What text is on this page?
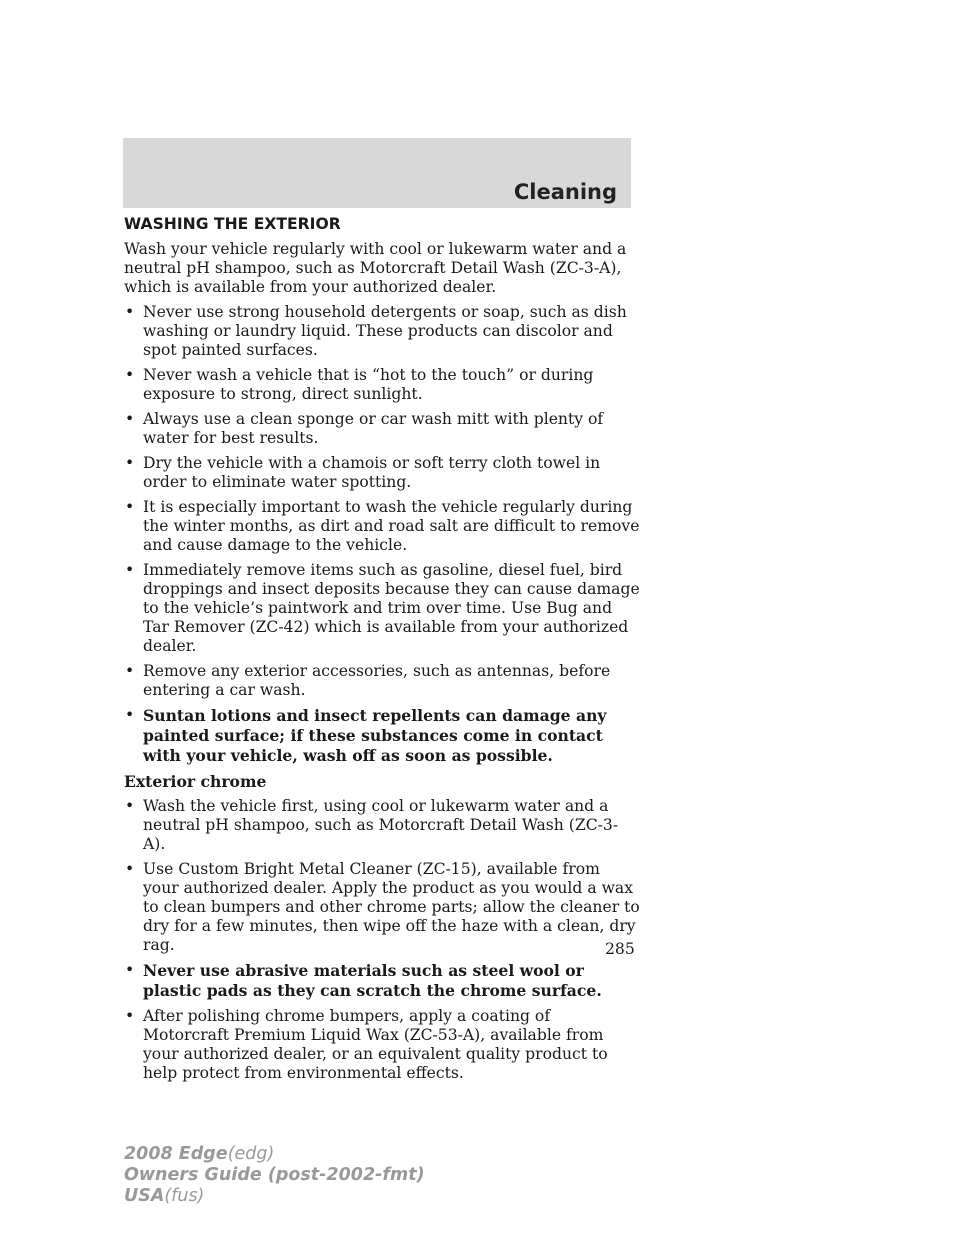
Cleaning
WASHING THE EXTERIOR

Wash your vehicle regularly with cool or lukewarm water and a neutral pH shampoo, such as Motorcraft Detail Wash (ZC-3-A), which is available from your authorized dealer.

• Never use strong household detergents or soap, such as dish washing or laundry liquid. These products can discolor and spot painted surfaces.
• Never wash a vehicle that is “hot to the touch” or during exposure to strong, direct sunlight.
• Always use a clean sponge or car wash mitt with plenty of water for best results.
• Dry the vehicle with a chamois or soft terry cloth towel in order to eliminate water spotting.
• It is especially important to wash the vehicle regularly during the winter months, as dirt and road salt are difficult to remove and cause damage to the vehicle.
• Immediately remove items such as gasoline, diesel fuel, bird droppings and insect deposits because they can cause damage to the vehicle’s paintwork and trim over time. Use Bug and Tar Remover (ZC-42) which is available from your authorized dealer.
• Remove any exterior accessories, such as antennas, before entering a car wash.
• Suntan lotions and insect repellents can damage any painted surface; if these substances come in contact with your vehicle, wash off as soon as possible.
Exterior chrome
• Wash the vehicle first, using cool or lukewarm water and a neutral pH shampoo, such as Motorcraft Detail Wash (ZC-3-A).
• Use Custom Bright Metal Cleaner (ZC-15), available from your authorized dealer. Apply the product as you would a wax to clean bumpers and other chrome parts; allow the cleaner to dry for a few minutes, then wipe off the haze with a clean, dry rag.
• Never use abrasive materials such as steel wool or plastic pads as they can scratch the chrome surface.
• After polishing chrome bumpers, apply a coating of Motorcraft Premium Liquid Wax (ZC-53-A), available from your authorized dealer, or an equivalent quality product to help protect from environmental effects.
285
2008 Edge(edg)
Owners Guide (post-2002-fmt)
USA(fus)
